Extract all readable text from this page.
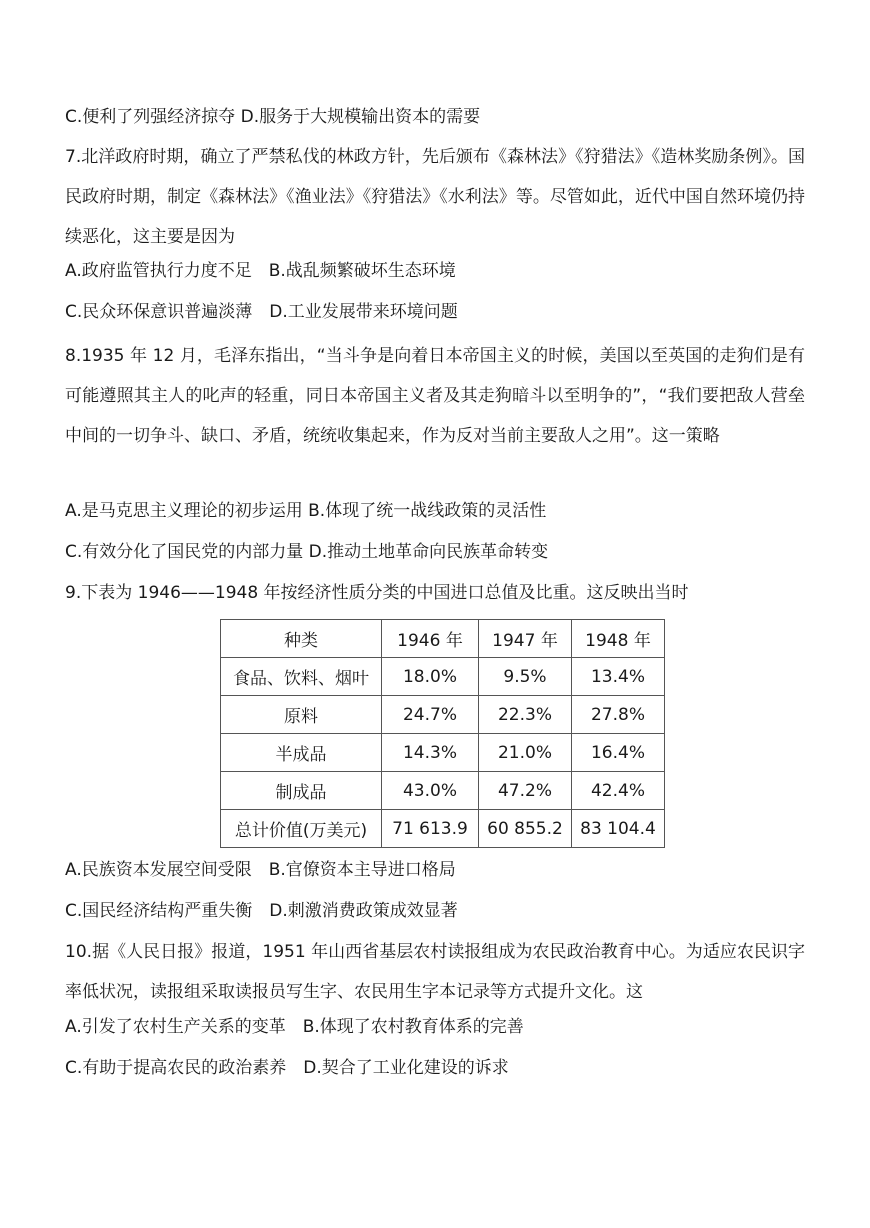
C.便利了列强经济掠夺 D.服务于大规模输出资本的需要
7.北洋政府时期，确立了严禁私伐的林政方针，先后颁布《森林法》《狩猎法》《造林奖励条例》。国民政府时期，制定《森林法》《渔业法》《狩猎法》《水利法》等。尽管如此，近代中国自然环境仍持续恶化，这主要是因为
A.政府监管执行力度不足　B.战乱频繁破坏生态环境
C.民众环保意识普遍淡薄　D.工业发展带来环境问题
8.1935 年 12 月，毛泽东指出，“当斗争是向着日本帝国主义的时候，美国以至英国的走狗们是有可能遵照其主人的叱声的轻重，同日本帝国主义者及其走狗暗斗以至明争的”，“我们要把敌人营垒中间的一切争斗、缺口、矛盾，统统收集起来，作为反对当前主要敌人之用”。这一策略
A.是马克思主义理论的初步运用 B.体现了统一战线政策的灵活性
C.有效分化了国民党的内部力量 D.推动土地革命向民族革命转变
9.下表为 1946——1948 年按经济性质分类的中国进口总值及比重。这反映出当时
种类	1946 年	1947 年	1948 年
食品、饮料、烟叶	18.0%	9.5%	13.4%
原料	24.7%	22.3%	27.8%
半成品	14.3%	21.0%	16.4%
制成品	43.0%	47.2%	42.4%
总计价值(万美元)	71 613.9	60 855.2	83 104.4
A.民族资本发展空间受限　B.官僚资本主导进口格局
C.国民经济结构严重失衡　D.刺激消费政策成效显著
10.据《人民日报》报道，1951 年山西省基层农村读报组成为农民政治教育中心。为适应农民识字率低状况，读报组采取读报员写生字、农民用生字本记录等方式提升文化。这
A.引发了农村生产关系的变革　B.体现了农村教育体系的完善
C.有助于提高农民的政治素养　D.契合了工业化建设的诉求
